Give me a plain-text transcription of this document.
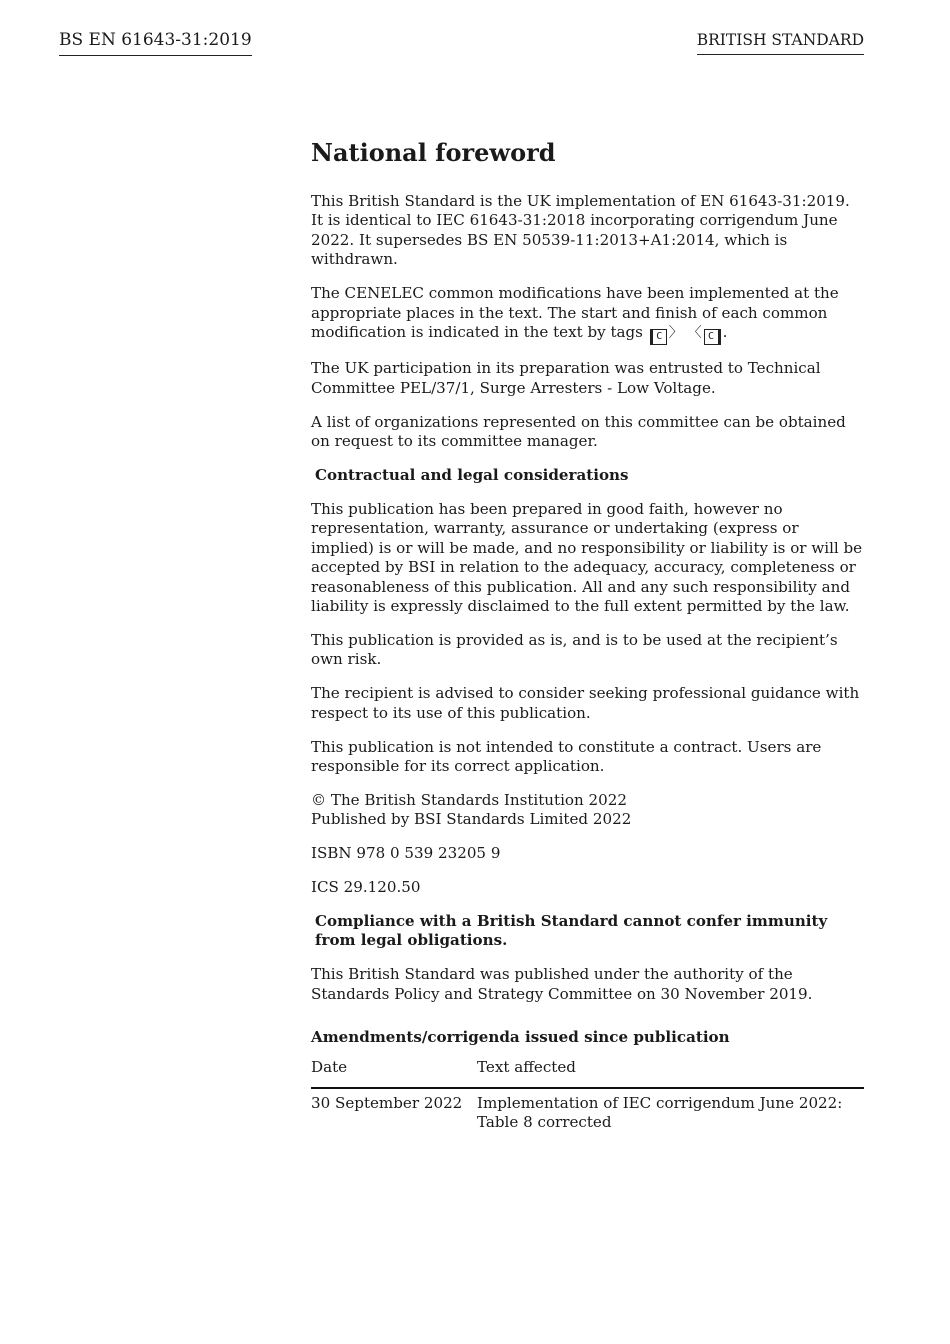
BS EN 61643-31:2019	BRITISH STANDARD
National foreword

This British Standard is the UK implementation of EN 61643-31:2019. It is identical to IEC 61643-31:2018 incorporating corrigendum June 2022. It supersedes BS EN 50539-11:2013+A1:2014, which is withdrawn.

The CENELEC common modifications have been implemented at the appropriate places in the text. The start and finish of each common modification is indicated in the text by tags C 〉 〈 C .

The UK participation in its preparation was entrusted to Technical Committee PEL/37/1, Surge Arresters - Low Voltage.

A list of organizations represented on this committee can be obtained on request to its committee manager.

Contractual and legal considerations

This publication has been prepared in good faith, however no representation, warranty, assurance or undertaking (express or implied) is or will be made, and no responsibility or liability is or will be accepted by BSI in relation to the adequacy, accuracy, completeness or reasonableness of this publication. All and any such responsibility and liability is expressly disclaimed to the full extent permitted by the law.

This publication is provided as is, and is to be used at the recipient’s own risk.

The recipient is advised to consider seeking professional guidance with respect to its use of this publication.

This publication is not intended to constitute a contract. Users are responsible for its correct application.

© The British Standards Institution 2022
Published by BSI Standards Limited 2022

ISBN 978 0 539 23205 9

ICS 29.120.50

Compliance with a British Standard cannot confer immunity from legal obligations.

This British Standard was published under the authority of the Standards Policy and Strategy Committee on 30 November 2019.

Amendments/corrigenda issued since publication
Date	Text affected
30 September 2022	Implementation of IEC corrigendum June 2022:
Table 8 corrected
